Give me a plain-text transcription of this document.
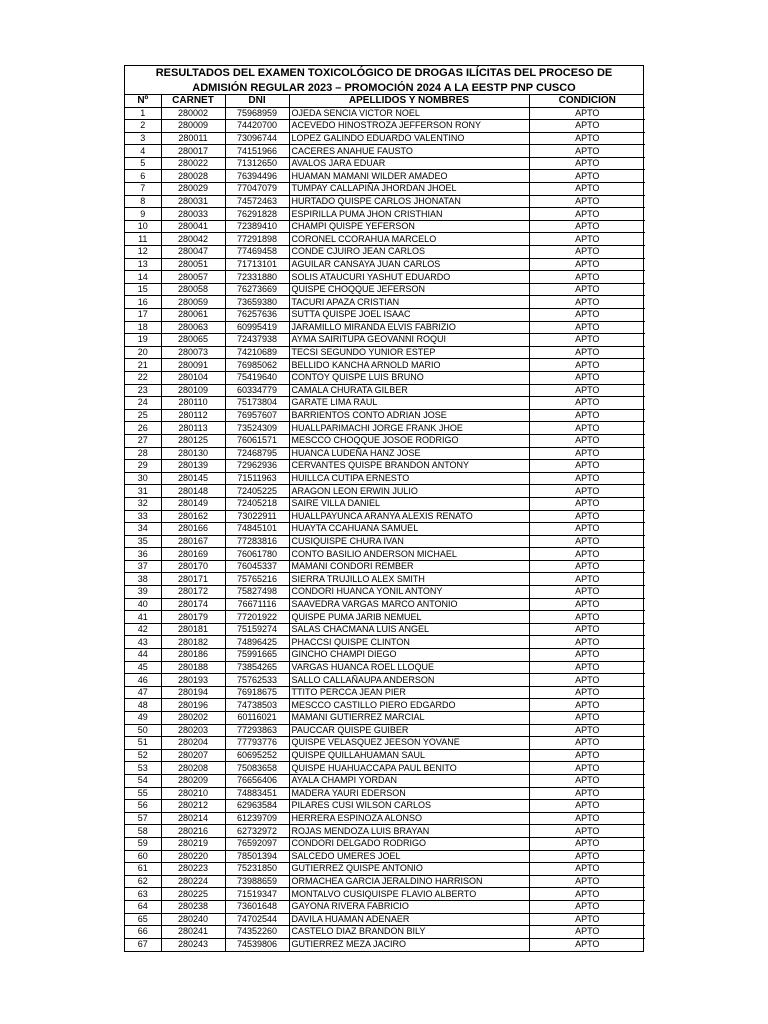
RESULTADOS DEL EXAMEN TOXICOLÓGICO DE DROGAS ILÍCITAS DEL PROCESO DE
ADMISIÓN REGULAR 2023 – PROMOCIÓN 2024 A LA EESTP PNP CUSCO
Nº	CARNET	DNI	APELLIDOS Y NOMBRES	CONDICION
1	280002	75968959	OJEDA SENCIA VICTOR NOEL	APTO
2	280009	74420700	ACEVEDO HINOSTROZA JEFFERSON RONY	APTO
3	280011	73096744	LOPEZ GALINDO EDUARDO VALENTINO	APTO
4	280017	74151966	CACERES ANAHUE FAUSTO	APTO
5	280022	71312650	AVALOS JARA EDUAR	APTO
6	280028	76394496	HUAMAN MAMANI WILDER AMADEO	APTO
7	280029	77047079	TUMPAY CALLAPIÑA JHORDAN JHOEL	APTO
8	280031	74572463	HURTADO QUISPE CARLOS JHONATAN	APTO
9	280033	76291828	ESPIRILLA PUMA JHON CRISTHIAN	APTO
10	280041	72389410	CHAMPI QUISPE YEFERSON	APTO
11	280042	77291898	CORONEL CCORAHUA MARCELO	APTO
12	280047	77469458	CONDE CJUIRO JEAN CARLOS	APTO
13	280051	71713101	AGUILAR CANSAYA JUAN CARLOS	APTO
14	280057	72331880	SOLIS ATAUCURI YASHUT EDUARDO	APTO
15	280058	76273669	QUISPE CHOQQUE JEFERSON	APTO
16	280059	73659380	TACURI APAZA CRISTIAN	APTO
17	280061	76257636	SUTTA QUISPE JOEL ISAAC	APTO
18	280063	60995419	JARAMILLO MIRANDA ELVIS FABRIZIO	APTO
19	280065	72437938	AYMA SAIRITUPA GEOVANNI ROQUI	APTO
20	280073	74210689	TECSI SEGUNDO YUNIOR ESTEP	APTO
21	280091	76985062	BELLIDO KANCHA ARNOLD MARIO	APTO
22	280104	75419640	CONTOY QUISPE LUIS BRUNO	APTO
23	280109	60334779	CAMALA CHURATA GILBER	APTO
24	280110	75173804	GARATE LIMA RAUL	APTO
25	280112	76957607	BARRIENTOS CONTO ADRIAN JOSE	APTO
26	280113	73524309	HUALLPARIMACHI JORGE FRANK JHOE	APTO
27	280125	76061571	MESCCO CHOQQUE JOSOE RODRIGO	APTO
28	280130	72468795	HUANCA LUDEÑA HANZ JOSE	APTO
29	280139	72962936	CERVANTES QUISPE BRANDON ANTONY	APTO
30	280145	71511963	HUILLCA CUTIPA ERNESTO	APTO
31	280148	72405225	ARAGON LEON ERWIN JULIO	APTO
32	280149	72405218	SAIRE VILLA DANIEL	APTO
33	280162	73022911	HUALLPAYUNCA ARANYA ALEXIS RENATO	APTO
34	280166	74845101	HUAYTA CCAHUANA SAMUEL	APTO
35	280167	77283816	CUSIQUISPE CHURA IVAN	APTO
36	280169	76061780	CONTO BASILIO ANDERSON MICHAEL	APTO
37	280170	76045337	MAMANI CONDORI REMBER	APTO
38	280171	75765216	SIERRA TRUJILLO ALEX SMITH	APTO
39	280172	75827498	CONDORI HUANCA YONIL ANTONY	APTO
40	280174	76671116	SAAVEDRA VARGAS MARCO ANTONIO	APTO
41	280179	77201922	QUISPE PUMA JARIB NEMUEL	APTO
42	280181	75159274	SALAS CHACMANA LUIS ANGEL	APTO
43	280182	74896425	PHACCSI QUISPE CLINTON	APTO
44	280186	75991665	GINCHO CHAMPI DIEGO	APTO
45	280188	73854265	VARGAS HUANCA ROEL LLOQUE	APTO
46	280193	75762533	SALLO CALLAÑAUPA ANDERSON	APTO
47	280194	76918675	TTITO PERCCA JEAN PIER	APTO
48	280196	74738503	MESCCO CASTILLO PIERO EDGARDO	APTO
49	280202	60116021	MAMANI GUTIERREZ MARCIAL	APTO
50	280203	77293863	PAUCCAR QUISPE GUIBER	APTO
51	280204	77793776	QUISPE VELASQUEZ JEESON YOVANE	APTO
52	280207	60695252	QUISPE QUILLAHUAMAN SAUL	APTO
53	280208	75083658	QUISPE HUAHUACCAPA PAUL BENITO	APTO
54	280209	76656406	AYALA CHAMPI YORDAN	APTO
55	280210	74883451	MADERA YAURI EDERSON	APTO
56	280212	62963584	PILARES CUSI WILSON CARLOS	APTO
57	280214	61239709	HERRERA ESPINOZA ALONSO	APTO
58	280216	62732972	ROJAS MENDOZA LUIS BRAYAN	APTO
59	280219	76592097	CONDORI DELGADO RODRIGO	APTO
60	280220	78501394	SALCEDO UMERES JOEL	APTO
61	280223	75231850	GUTIERREZ QUISPE ANTONIO	APTO
62	280224	73988659	ORMACHEA GARCIA JERALDINO HARRISON	APTO
63	280225	71519347	MONTALVO CUSIQUISPE FLAVIO ALBERTO	APTO
64	280238	73601648	GAYONA RIVERA FABRICIO	APTO
65	280240	74702544	DAVILA HUAMAN ADENAER	APTO
66	280241	74352260	CASTELO DIAZ BRANDON BILY	APTO
67	280243	74539806	GUTIERREZ MEZA JACIRO	APTO
